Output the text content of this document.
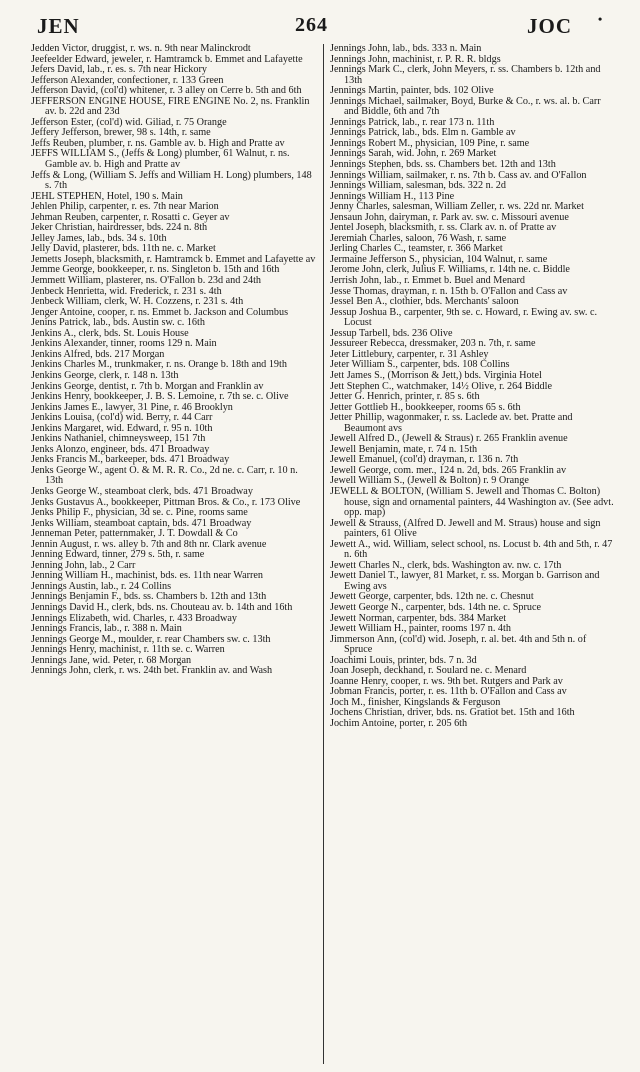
JEN	264	JOC •

Jedden Victor, druggist, r. ws. n. 9th near Malinckrodt

Jeefeelder Edward, jeweler, r. Hamtramck b. Emmet and Lafayette

Jefers David, lab., r. es. s. 7th near Hickory

Jefferson Alexander, confectioner, r. 133 Green

Jefferson David, (col'd) whitener, r. 3 alley on Cerre b. 5th and 6th

JEFFERSON ENGINE HOUSE, FIRE ENGINE No. 2, ns. Franklin av. b. 22d and 23d

Jefferson Ester, (col'd) wid. Giliad, r. 75 Orange

Jeffery Jefferson, brewer, 98 s. 14th, r. same

Jeffs Reuben, plumber, r. ns. Gamble av. b. High and Pratte av

JEFFS WILLIAM S., (Jeffs & Long) plumber, 61 Walnut, r. ns. Gamble av. b. High and Pratte av

Jeffs & Long, (William S. Jeffs and William H. Long) plumbers, 148 s. 7th

JEHL STEPHEN, Hotel, 190 s. Main

Jehlen Philip, carpenter, r. es. 7th near Marion

Jehman Reuben, carpenter, r. Rosatti c. Geyer av

Jeker Christian, hairdresser, bds. 224 n. 8th

Jelley James, lab., bds. 34 s. 10th

Jelly David, plasterer, bds. 11th ne. c. Market

Jemetts Joseph, blacksmith, r. Hamtramck b. Emmet and Lafayette av

Jemme George, bookkeeper, r. ns. Singleton b. 15th and 16th

Jemmett William, plasterer, ns. O'Fallon b. 23d and 24th

Jenbeck Henrietta, wid. Frederick, r. 231 s. 4th

Jenbeck William, clerk, W. H. Cozzens, r. 231 s. 4th

Jenger Antoine, cooper, r. ns. Emmet b. Jackson and Columbus

Jenins Patrick, lab., bds. Austin sw. c. 16th

Jenkins A., clerk, bds. St. Louis House

Jenkins Alexander, tinner, rooms 129 n. Main

Jenkins Alfred, bds. 217 Morgan

Jenkins Charles M., trunkmaker, r. ns. Orange b. 18th and 19th

Jenkins George, clerk, r. 148 n. 13th

Jenkins George, dentist, r. 7th b. Morgan and Franklin av

Jenkins Henry, bookkeeper, J. B. S. Lemoine, r. 7th se. c. Olive

Jenkins James E., lawyer, 31 Pine, r. 46 Brooklyn

Jenkins Louisa, (col'd) wid. Berry, r. 44 Carr

Jenkins Margaret, wid. Edward, r. 95 n. 10th

Jenkins Nathaniel, chimneysweep, 151 7th

Jenks Alonzo, engineer, bds. 471 Broadway

Jenks Francis M., barkeeper, bds. 471 Broadway

Jenks George W., agent O. & M. R. R. Co., 2d ne. c. Carr, r. 10 n. 13th

Jenks George W., steamboat clerk, bds. 471 Broadway

Jenks Gustavus A., bookkeeper, Pittman Bros. & Co., r. 173 Olive

Jenks Philip F., physician, 3d se. c. Pine, rooms same

Jenks William, steamboat captain, bds. 471 Broadway

Jenneman Peter, patternmaker, J. T. Dowdall & Co

Jennin August, r. ws. alley b. 7th and 8th nr. Clark avenue

Jenning Edward, tinner, 279 s. 5th, r. same

Jenning John, lab., 2 Carr

Jenning William H., machinist, bds. es. 11th near Warren

Jennings Austin, lab., r. 24 Collins

Jennings Benjamin F., bds. ss. Chambers b. 12th and 13th

Jennings David H., clerk, bds. ns. Chouteau av. b. 14th and 16th

Jennings Elizabeth, wid. Charles, r. 433 Broadway

Jennings Francis, lab., r. 388 n. Main

Jennings George M., moulder, r. rear Chambers sw. c. 13th

Jennings Henry, machinist, r. 11th se. c. Warren

Jennings Jane, wid. Peter, r. 68 Morgan

Jennings John, clerk, r. ws. 24th bet. Franklin av. and Wash

Jennings John, lab., bds. 333 n. Main

Jennings John, machinist, r. P. R. R. bldgs

Jennings Mark C., clerk, John Meyers, r. ss. Chambers b. 12th and 13th

Jennings Martin, painter, bds. 102 Olive

Jennings Michael, sailmaker, Boyd, Burke & Co., r. ws. al. b. Carr and Biddle, 6th and 7th

Jennings Patrick, lab., r. rear 173 n. 11th

Jennings Patrick, lab., bds. Elm n. Gamble av

Jennings Robert M., physician, 109 Pine, r. same

Jennings Sarah, wid. John, r. 269 Market

Jennings Stephen, bds. ss. Chambers bet. 12th and 13th

Jennings William, sailmaker, r. ns. 7th b. Cass av. and O'Fallon

Jennings William, salesman, bds. 322 n. 2d

Jennings William H., 113 Pine

Jenny Charles, salesman, William Zeller, r. ws. 22d nr. Market

Jensaun John, dairyman, r. Park av. sw. c. Missouri avenue

Jentel Joseph, blacksmith, r. ss. Clark av. n. of Pratte av

Jeremiah Charles, saloon, 76 Wash, r. same

Jerling Charles C., teamster, r. 366 Market

Jermaine Jefferson S., physician, 104 Walnut, r. same

Jerome John, clerk, Julius F. Williams, r. 14th ne. c. Biddle

Jerrish John, lab., r. Emmet b. Buel and Menard

Jesse Thomas, drayman, r. n. 15th b. O'Fallon and Cass av

Jessel Ben A., clothier, bds. Merchants' saloon

Jessup Joshua B., carpenter, 9th se. c. Howard, r. Ewing av. sw. c. Locust

Jessup Tarbell, bds. 236 Olive

Jessureer Rebecca, dressmaker, 203 n. 7th, r. same

Jeter Littlebury, carpenter, r. 31 Ashley

Jeter William S., carpenter, bds. 108 Collins

Jett James S., (Morrison & Jett,) bds. Virginia Hotel

Jett Stephen C., watchmaker, 14½ Olive, r. 264 Biddle

Jetter G. Henrich, printer, r. 85 s. 6th

Jetter Gottlieb H., bookkeeper, rooms 65 s. 6th

Jetter Phillip, wagonmaker, r. ss. Laclede av. bet. Pratte and Beaumont avs

Jewell Alfred D., (Jewell & Straus) r. 265 Franklin avenue

Jewell Benjamin, mate, r. 74 n. 15th

Jewell Emanuel, (col'd) drayman, r. 136 n. 7th

Jewell George, com. mer., 124 n. 2d, bds. 265 Franklin av

Jewell William S., (Jewell & Bolton) r. 9 Orange

JEWELL & BOLTON, (William S. Jewell and Thomas C. Bolton) house, sign and ornamental painters, 44 Washington av. (See advt. opp. map)

Jewell & Strauss, (Alfred D. Jewell and M. Straus) house and sign painters, 61 Olive

Jewett A., wid. William, select school, ns. Locust b. 4th and 5th, r. 47 n. 6th

Jewett Charles N., clerk, bds. Washington av. nw. c. 17th

Jewett Daniel T., lawyer, 81 Market, r. ss. Morgan b. Garrison and Ewing avs

Jewett George, carpenter, bds. 12th ne. c. Chesnut

Jewett George N., carpenter, bds. 14th ne. c. Spruce

Jewett Norman, carpenter, bds. 384 Market

Jewett William H., painter, rooms 197 n. 4th

Jimmerson Ann, (col'd) wid. Joseph, r. al. bet. 4th and 5th n. of Spruce

Joachimi Louis, printer, bds. 7 n. 3d

Joan Joseph, deckhand, r. Soulard ne. c. Menard

Joanne Henry, cooper, r. ws. 9th bet. Rutgers and Park av

Jobman Francis, porter, r. es. 11th b. O'Fallon and Cass av

Joch M., finisher, Kingslands & Ferguson

Jochens Christian, driver, bds. ns. Gratiot bet. 15th and 16th

Jochim Antoine, porter, r. 205 6th
